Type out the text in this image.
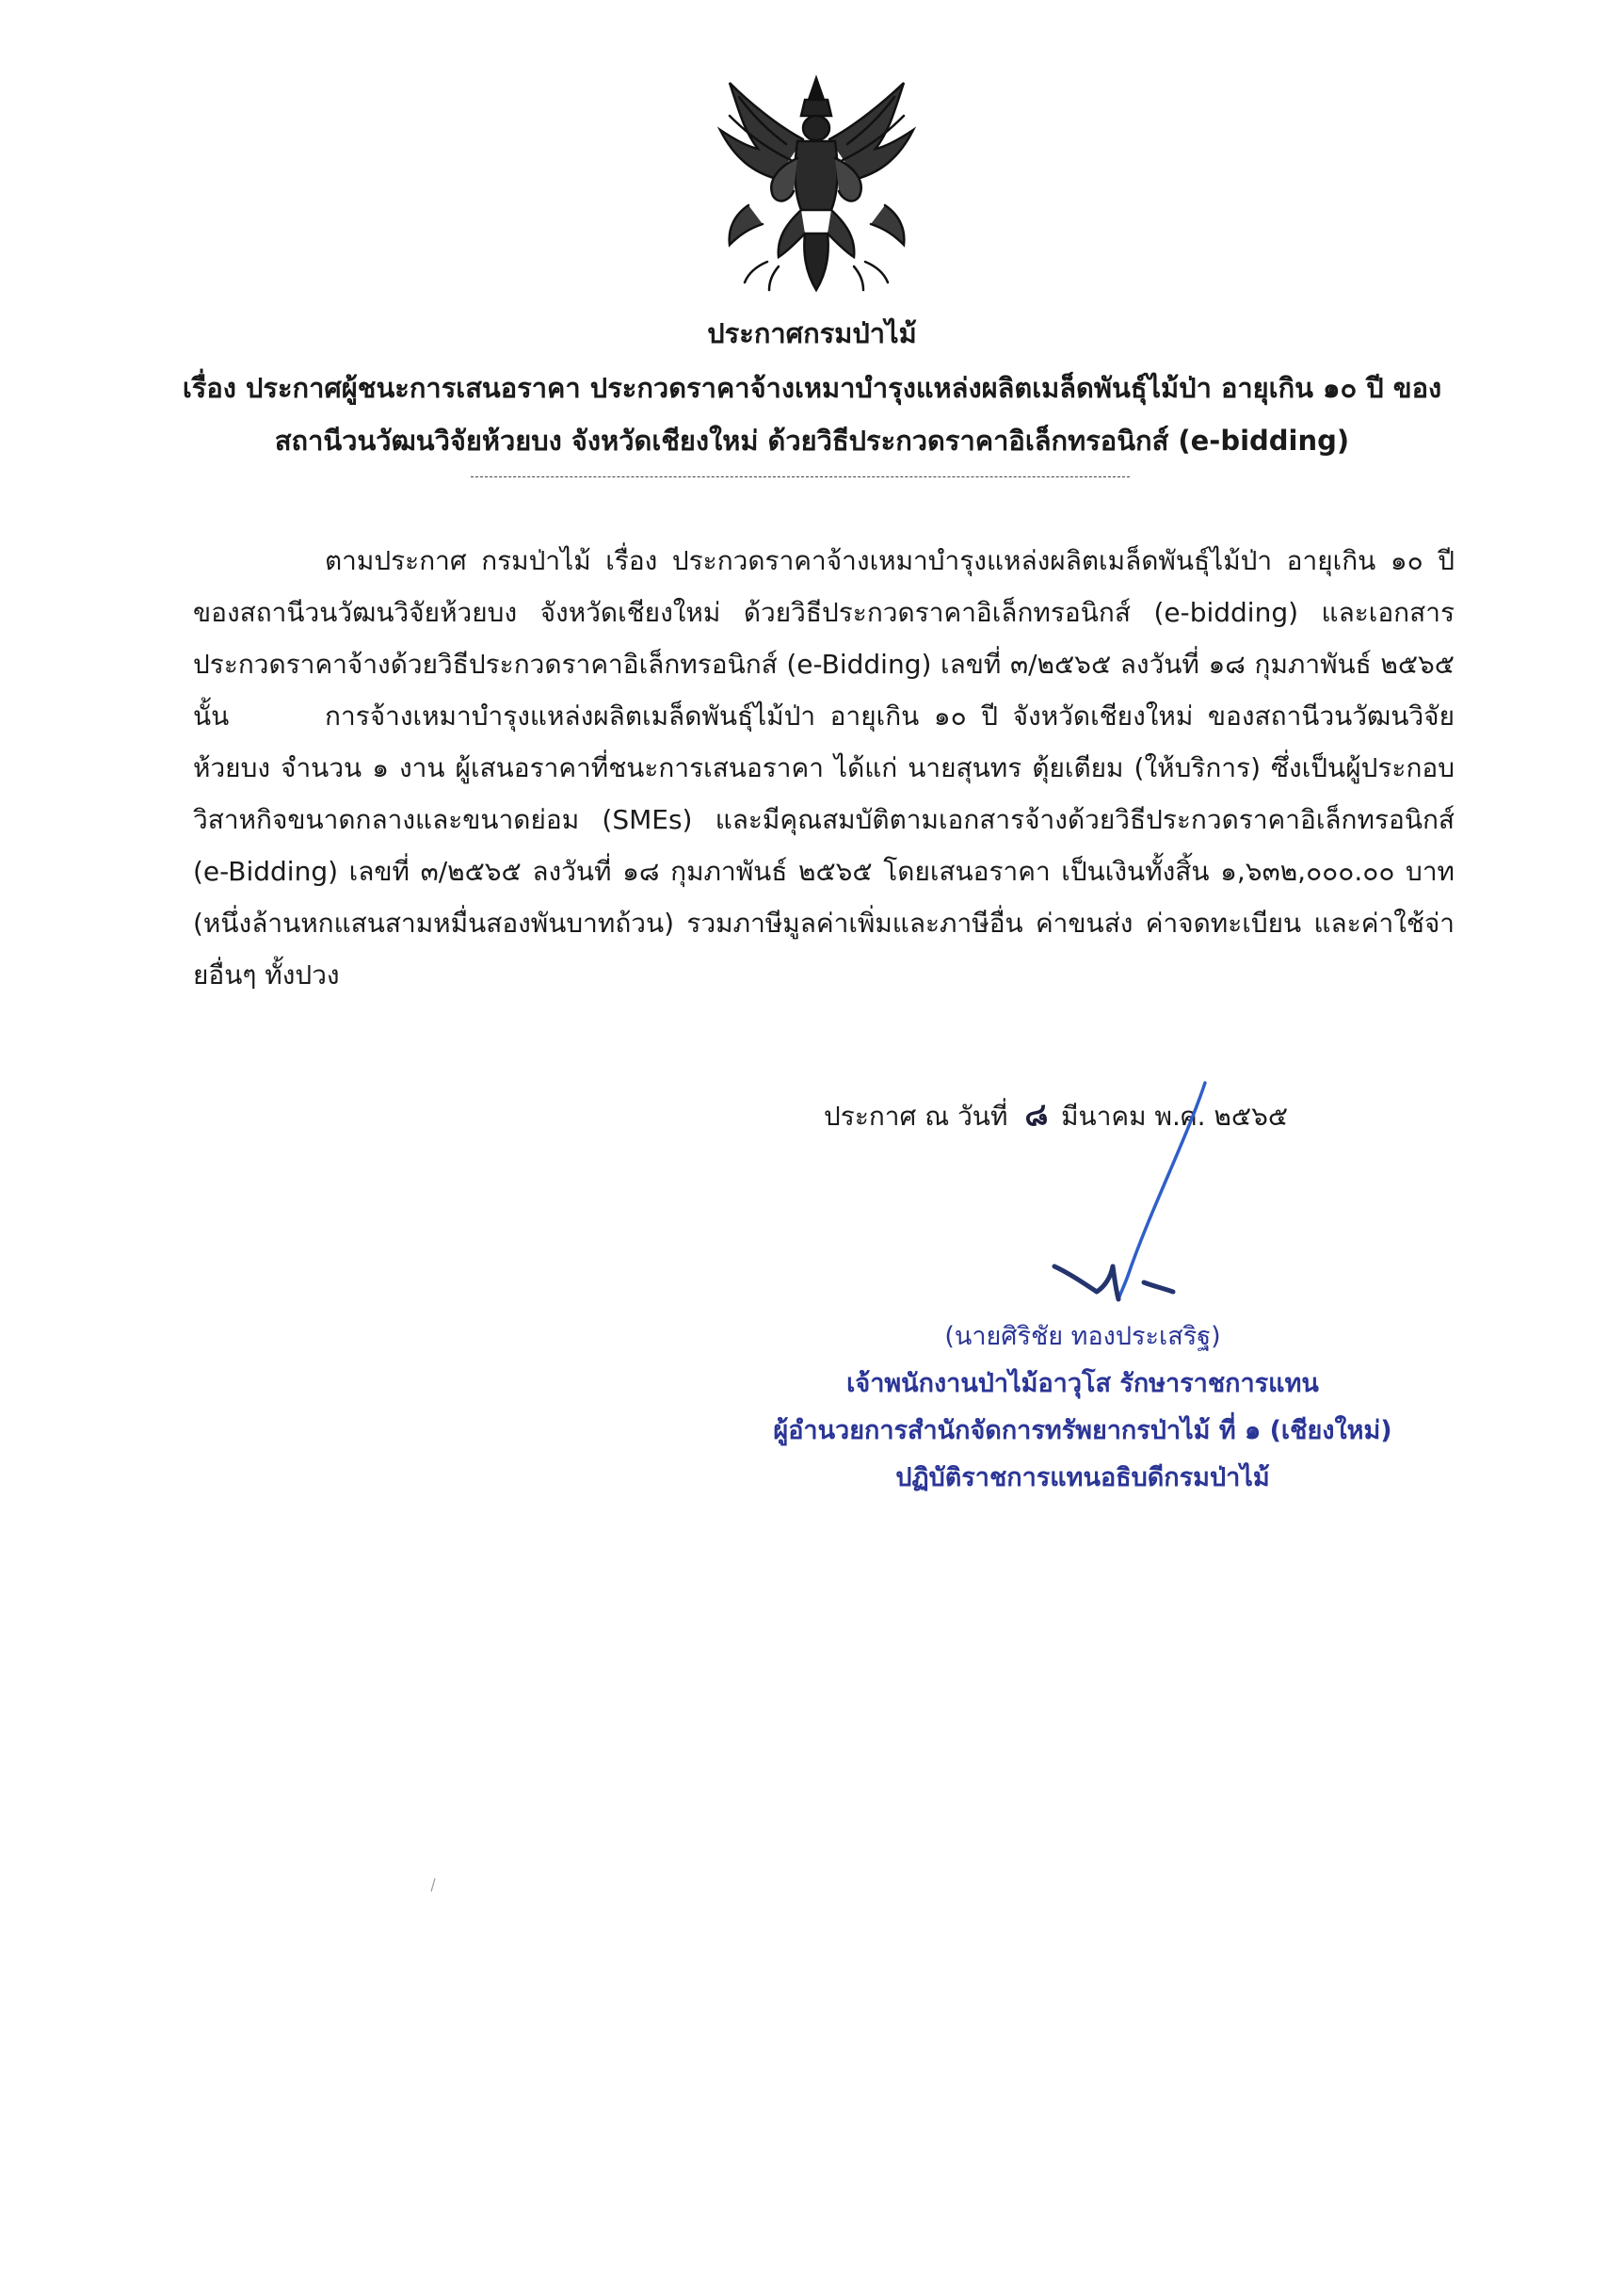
ประกาศกรมป่าไม้
เรื่อง ประกาศผู้ชนะการเสนอราคา ประกวดราคาจ้างเหมาบำรุงแหล่งผลิตเมล็ดพันธุ์ไม้ป่า อายุเกิน ๑๐ ปี ของ
สถานีวนวัฒนวิจัยห้วยบง จังหวัดเชียงใหม่ ด้วยวิธีประกวดราคาอิเล็กทรอนิกส์ (e-bidding)

ตามประกาศ กรมป่าไม้ เรื่อง ประกวดราคาจ้างเหมาบำรุงแหล่งผลิตเมล็ดพันธุ์ไม้ป่า อายุเกิน ๑๐ ปี ของสถานีวนวัฒนวิจัยห้วยบง จังหวัดเชียงใหม่ ด้วยวิธีประกวดราคาอิเล็กทรอนิกส์ (e-bidding) และเอกสารประกวดราคาจ้างด้วยวิธีประกวดราคาอิเล็กทรอนิกส์ (e-Bidding) เลขที่ ๓/๒๕๖๕ ลงวันที่ ๑๘ กุมภาพันธ์ ๒๕๖๕ นั้น	การจ้างเหมาบำรุงแหล่งผลิตเมล็ดพันธุ์ไม้ป่า อายุเกิน ๑๐ ปี จังหวัดเชียงใหม่ ของสถานีวนวัฒนวิจัยห้วยบง จำนวน ๑ งาน ผู้เสนอราคาที่ชนะการเสนอราคา ได้แก่ นายสุนทร ตุ้ยเตียม (ให้บริการ) ซึ่งเป็นผู้ประกอบวิสาหกิจขนาดกลางและขนาดย่อม (SMEs) และมีคุณสมบัติตามเอกสารจ้างด้วยวิธีประกวดราคาอิเล็กทรอนิกส์ (e-Bidding) เลขที่ ๓/๒๕๖๕ ลงวันที่ ๑๘ กุมภาพันธ์ ๒๕๖๕ โดยเสนอราคา เป็นเงินทั้งสิ้น ๑,๖๓๒,๐๐๐.๐๐ บาท (หนึ่งล้านหกแสนสามหมื่นสองพันบาทถ้วน) รวมภาษีมูลค่าเพิ่มและภาษีอื่น ค่าขนส่ง ค่าจดทะเบียน และค่าใช้จ่ายอื่นๆ ทั้งปวง

ประกาศ ณ วันที่ ๘ มีนาคม พ.ศ. ๒๕๖๕
(นายศิริชัย ทองประเสริฐ)
เจ้าพนักงานป่าไม้อาวุโส รักษาราชการแทน
ผู้อำนวยการสำนักจัดการทรัพยากรป่าไม้ ที่ ๑ (เชียงใหม่)
ปฏิบัติราชการแทนอธิบดีกรมป่าไม้
